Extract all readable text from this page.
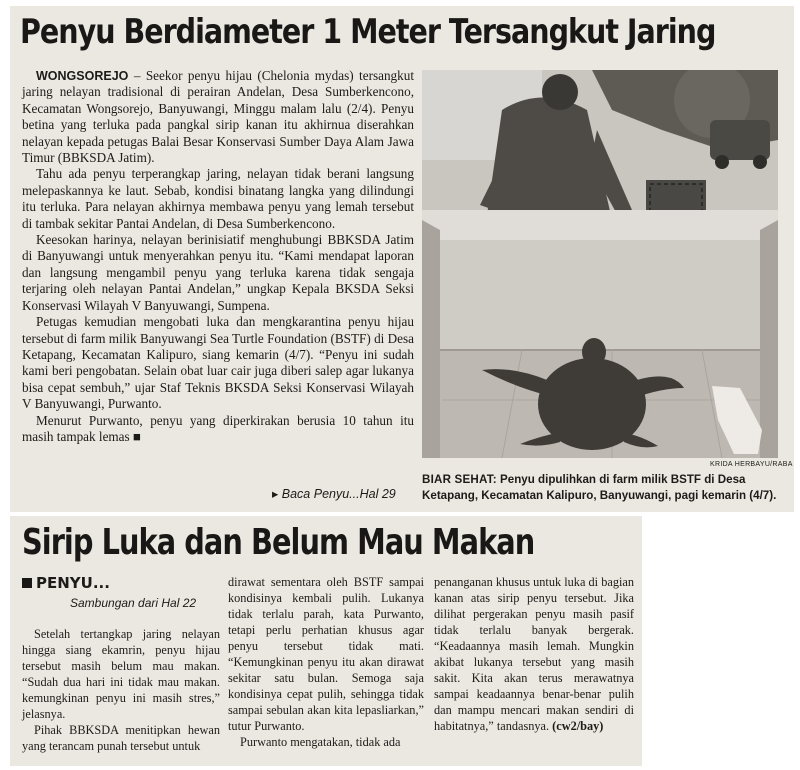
Penyu Berdiameter 1 Meter Tersangkut Jaring

WONGSOREJO – Seekor penyu hijau (Chelonia mydas) tersangkut jaring nelayan tradisional di perairan Andelan, Desa Sumberkencono, Kecamatan Wongsorejo, Banyuwangi, Minggu malam lalu (2/4). Penyu betina yang terluka pada pangkal sirip kanan itu akhirnua diserahkan nelayan kepada petugas Balai Besar Konservasi Sumber Daya Alam Jawa Timur (BBKSDA Jatim).

Tahu ada penyu terperangkap jaring, nelayan tidak berani langsung melepaskannya ke laut. Sebab, kondisi binatang langka yang dilindungi itu terluka. Para nelayan akhirnya membawa penyu yang lemah tersebut di tambak sekitar Pantai Andelan, di Desa Sumberkencono.

Keesokan harinya, nelayan berinisiatif menghubungi BBKSDA Jatim di Banyuwangi untuk menyerahkan penyu itu. “Kami mendapat laporan dan langsung mengambil penyu yang terluka karena tidak sengaja terjaring oleh nelayan Pantai Andelan,” ungkap Kepala BKSDA Seksi Konservasi Wilayah V Banyuwangi, Sumpena.

Petugas kemudian mengobati luka dan mengkarantina penyu hijau tersebut di farm milik Banyuwangi Sea Turtle Foundation (BSTF) di Desa Ketapang, Kecamatan Kalipuro, siang kemarin (4/7). “Penyu ini sudah kami beri pengobatan. Selain obat luar cair juga diberi salep agar lukanya bisa cepat sembuh,” ujar Staf Teknis BKSDA Seksi Konservasi Wilayah V Banyuwangi, Purwanto.

Menurut Purwanto, penyu yang diperkirakan berusia 10 tahun itu masih tampak lemas ■

▸ Baca Penyu...Hal 29
KRIDA HERBAYU/RABA
BIAR SEHAT: Penyu dipulihkan di farm milik BSTF di Desa Ketapang, Kecamatan Kalipuro, Banyuwangi, pagi kemarin (4/7).
Sirip Luka dan Belum Mau Makan
PENYU...
Sambungan dari Hal 22

Setelah tertangkap jaring nelayan hingga siang ekamrin, penyu hijau tersebut masih belum mau makan. “Sudah dua hari ini tidak mau makan. kemungkinan penyu ini masih stres,” jelasnya.

Pihak BBKSDA menitipkan hewan yang terancam punah tersebut untuk

dirawat sementara oleh BSTF sampai kondisinya kembali pulih. Lukanya tidak terlalu parah, kata Purwanto, tetapi perlu perhatian khusus agar penyu tersebut tidak mati. “Kemungkinan penyu itu akan dirawat sekitar satu bulan. Semoga saja kondisinya cepat pulih, sehingga tidak sampai sebulan akan kita lepasliarkan,” tutur Purwanto.

Purwanto mengatakan, tidak ada

penanganan khusus untuk luka di bagian kanan atas sirip penyu tersebut. Jika dilihat pergerakan penyu masih pasif tidak terlalu banyak bergerak. “Keadaannya masih lemah. Mungkin akibat lukanya tersebut yang masih sakit. Kita akan terus merawatnya sampai keadaannya benar-benar pulih dan mampu mencari makan sendiri di habitatnya,” tandasnya. (cw2/bay)
